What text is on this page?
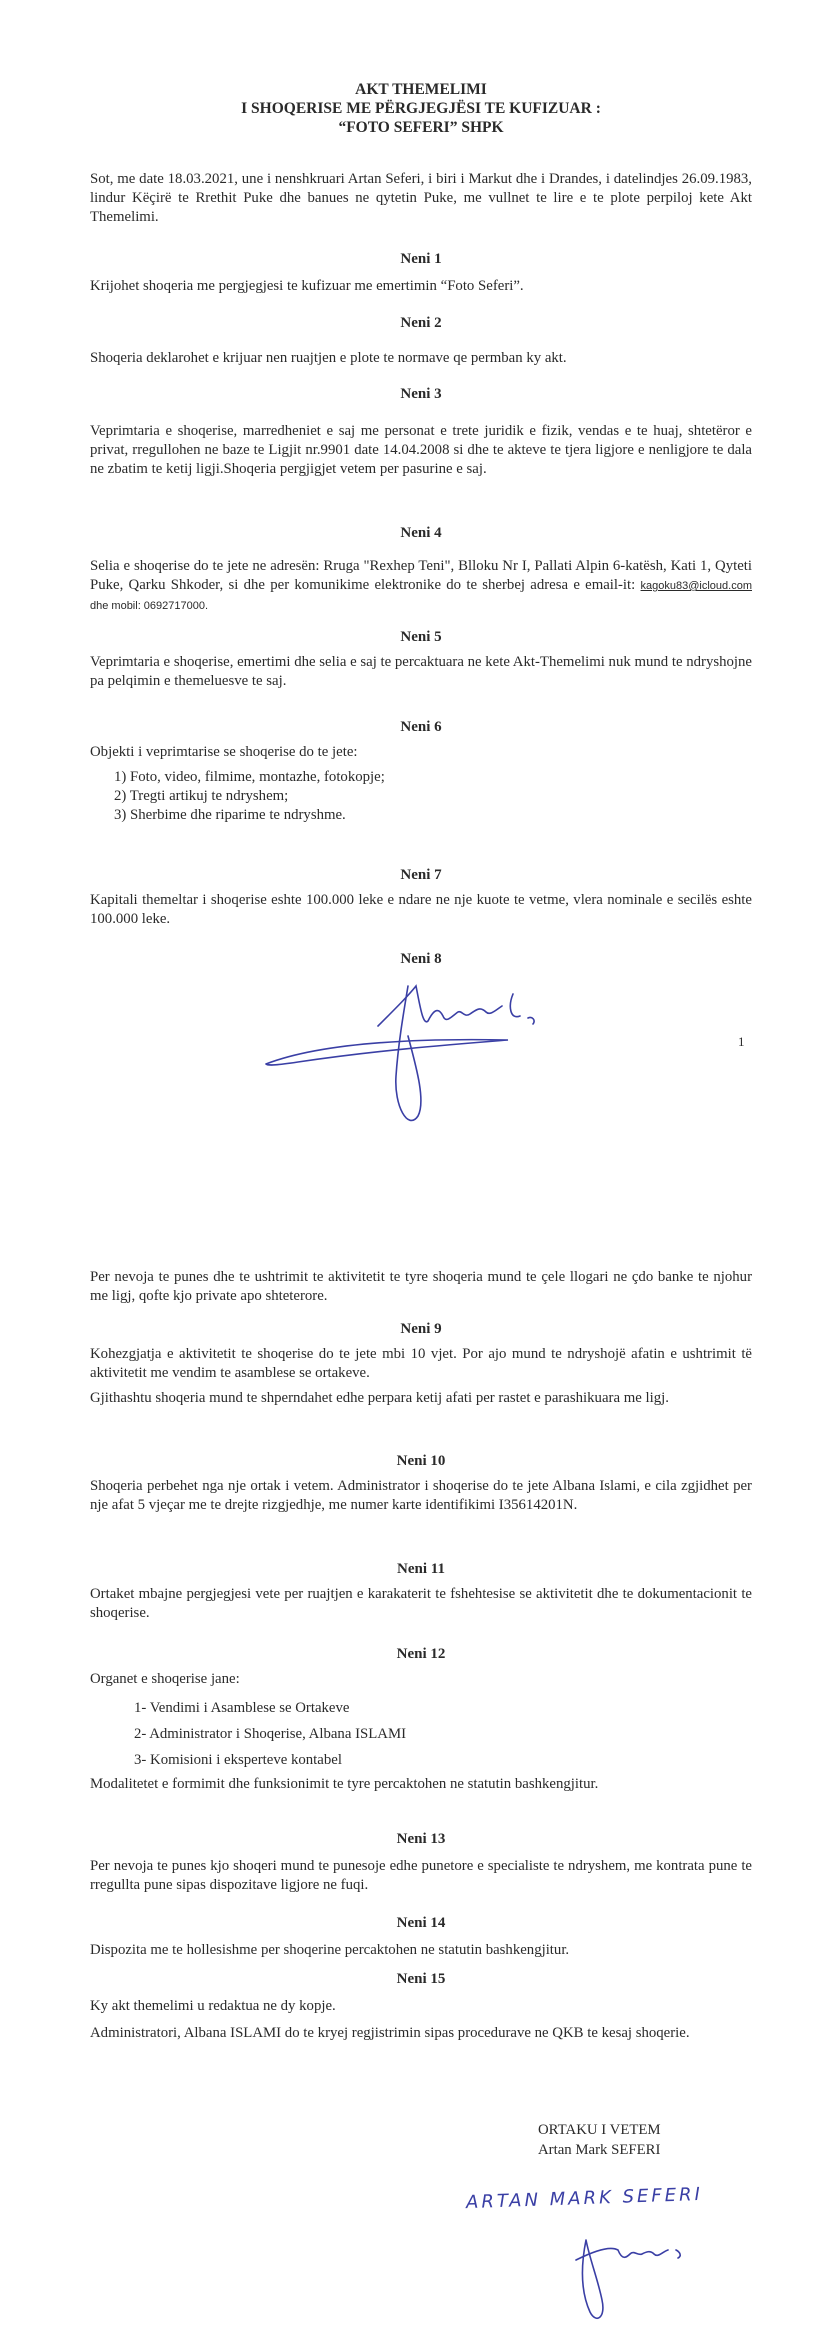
AKT THEMELIMI

I SHOQERISE ME PËRGJEGJËSI TE KUFIZUAR :

“FOTO SEFERI” SHPK

Sot, me date 18.03.2021, une i nenshkruari Artan Seferi, i biri i Markut dhe i Drandes, i datelindjes 26.09.1983, lindur Këçirë te Rrethit Puke dhe banues ne qytetin Puke, me vullnet te lire e te plote perpiloj kete Akt Themelimi.

Neni 1

Krijohet shoqeria me pergjegjesi te kufizuar me emertimin “Foto Seferi”.

Neni 2

Shoqeria deklarohet e krijuar nen ruajtjen e plote te normave qe permban ky akt.

Neni 3

Veprimtaria e shoqerise, marredheniet e saj me personat e trete juridik e fizik, vendas e te huaj, shtetëror e privat, rregullohen ne baze te Ligjit nr.9901 date 14.04.2008 si dhe te akteve te tjera ligjore e nenligjore te dala ne zbatim te ketij ligji.Shoqeria pergjigjet vetem per pasurine e saj.

Neni 4

Selia e shoqerise do te jete ne adresën: Rruga "Rexhep Teni", Blloku Nr I, Pallati Alpin 6-katësh, Kati 1, Qyteti Puke, Qarku Shkoder, si dhe per komunikime elektronike do te sherbej adresa e email-it: kagoku83@icloud.com dhe mobil: 0692717000.

Neni 5

Veprimtaria e shoqerise, emertimi dhe selia e saj te percaktuara ne kete Akt-Themelimi nuk mund te ndryshojne pa pelqimin e themeluesve te saj.

Neni 6

Objekti i veprimtarise se shoqerise do te jete:

1) Foto, video, filmime, montazhe, fotokopje;
2) Tregti artikuj te ndryshem;
3) Sherbime dhe riparime te ndryshme.

Neni 7

Kapitali themeltar i shoqerise eshte 100.000 leke e ndare ne nje kuote te vetme, vlera nominale e secilës eshte 100.000 leke.

Neni 8

1

Per nevoja te punes dhe te ushtrimit te aktivitetit te tyre shoqeria mund te çele llogari ne çdo banke te njohur me ligj, qofte kjo private apo shteterore.

Neni 9

Kohezgjatja e aktivitetit te shoqerise do te jete mbi 10 vjet. Por ajo mund te ndryshojë afatin e ushtrimit të aktivitetit me vendim te asamblese se ortakeve.

Gjithashtu shoqeria mund te shperndahet edhe perpara ketij afati per rastet e parashikuara me ligj.

Neni 10

Shoqeria perbehet nga nje ortak i vetem. Administrator i shoqerise do te jete Albana Islami, e cila zgjidhet per nje afat 5 vjeçar me te drejte rizgjedhje, me numer karte identifikimi I35614201N.

Neni 11

Ortaket mbajne pergjegjesi vete per ruajtjen e karakaterit te fshehtesise se aktivitetit dhe te dokumentacionit te shoqerise.

Neni 12

Organet e shoqerise jane:

1- Vendimi i Asamblese se Ortakeve
2- Administrator i Shoqerise, Albana ISLAMI
3- Komisioni i eksperteve kontabel

Modalitetet e formimit dhe funksionimit te tyre percaktohen ne statutin bashkengjitur.

Neni 13

Per nevoja te punes kjo shoqeri mund te punesoje edhe punetore e specialiste te ndryshem, me kontrata pune te rregullta pune sipas dispozitave ligjore ne fuqi.

Neni 14

Dispozita me te hollesishme per shoqerine percaktohen ne statutin bashkengjitur.

Neni 15

Ky akt themelimi u redaktua ne dy kopje.

Administratori, Albana ISLAMI do te kryej regjistrimin sipas procedurave ne QKB te kesaj shoqerie.

ORTAKU I VETEM
Artan Mark SEFERI
ARTAN MARK SEFERI
